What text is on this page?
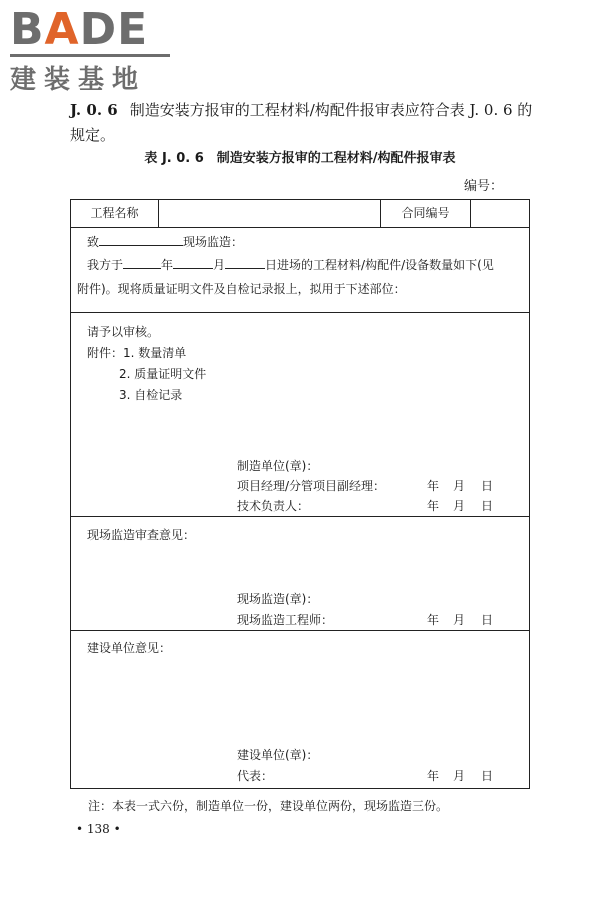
BADE
建装基地
J. 0. 6 制造安装方报审的工程材料/构配件报审表应符合表 J. 0. 6 的规定。
表 J. 0. 6　制造安装方报审的工程材料/构配件报审表
编号：
工程名称	合同编号
致	现场监造：
我方于	年	月	日进场的工程材料/构配件/设备数量如下(见
附件)。现将质量证明文件及自检记录报上，拟用于下述部位：
请予以审核。
附件：1. 数量清单
2. 质量证明文件
3. 自检记录
制造单位(章)：
项目经理/分管项目副经理：	年 月 日
技术负责人：	年 月 日
现场监造审查意见：
现场监造(章)：
现场监造工程师：	年 月 日
建设单位意见：
建设单位(章)：
代表：	年 月 日
注：本表一式六份，制造单位一份，建设单位两份，现场监造三份。
• 138 •
